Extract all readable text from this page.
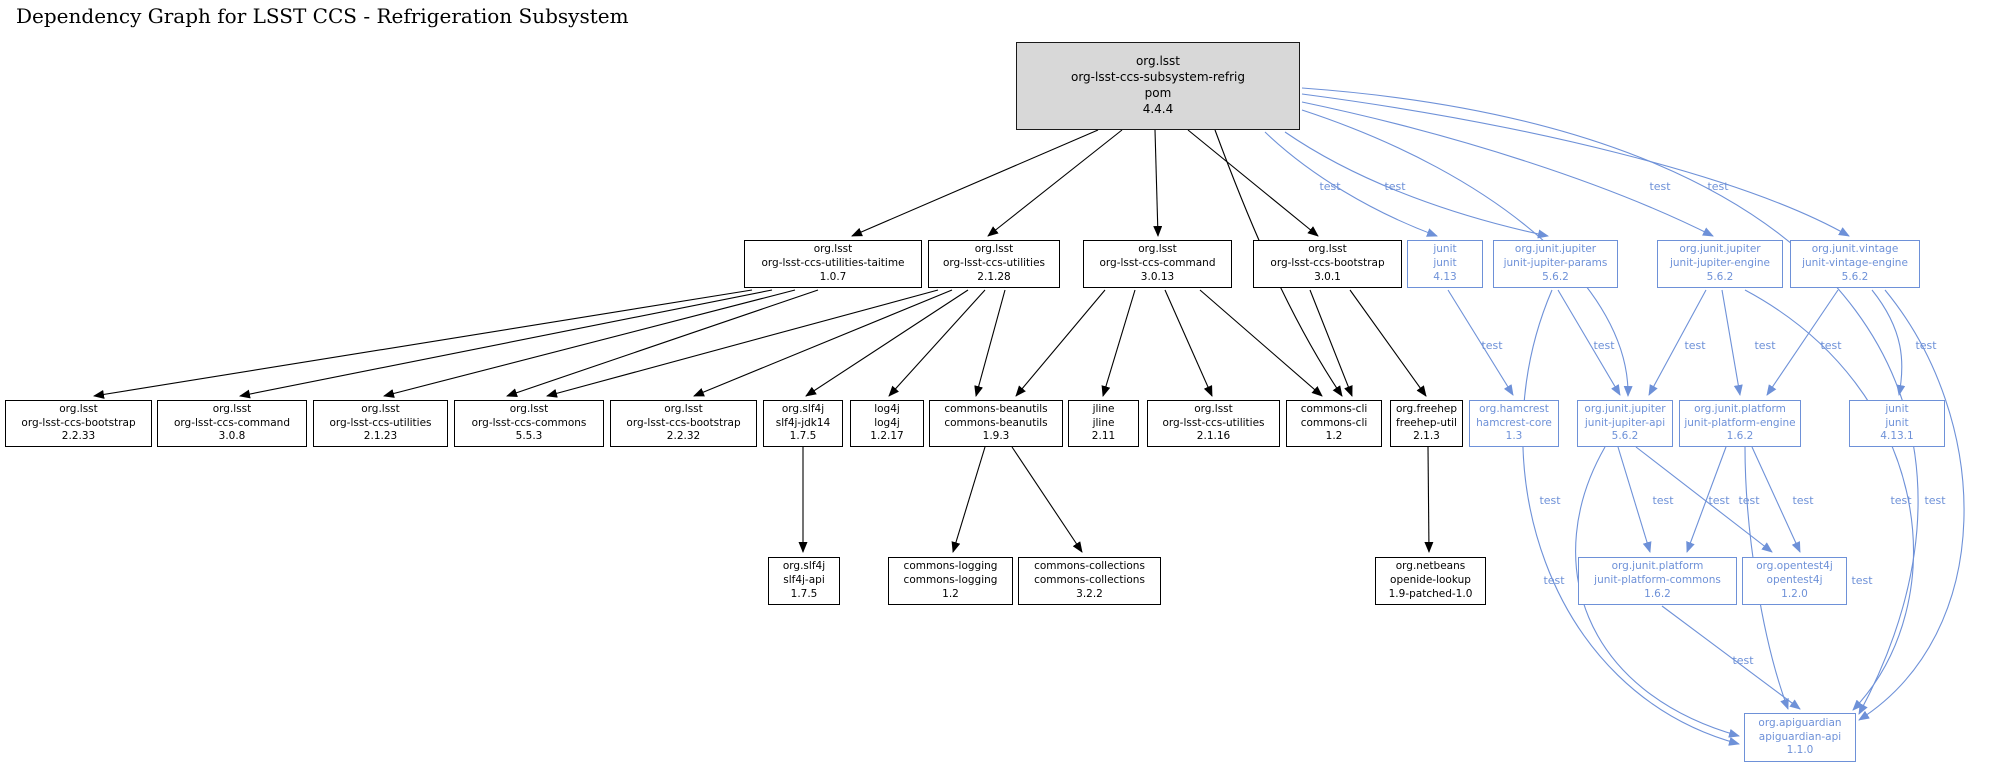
Dependency Graph for LSST CCS - Refrigeration Subsystem
test	test	test	test
test	test	test	test	test	test
test	test	test test	test	test test
test	test
test
org.lsst
org-lsst-ccs-subsystem-refrig
pom
4.4.4
org.lsst
org-lsst-ccs-utilities-taitime
1.0.7
org.lsst
org-lsst-ccs-utilities
2.1.28
org.lsst
org-lsst-ccs-command
3.0.13
org.lsst
org-lsst-ccs-bootstrap
3.0.1
junit
junit
4.13
org.junit.jupiter
junit-jupiter-params
5.6.2
org.junit.jupiter
junit-jupiter-engine
5.6.2
org.junit.vintage
junit-vintage-engine
5.6.2
org.lsst
org-lsst-ccs-bootstrap
2.2.33
org.lsst
org-lsst-ccs-command
3.0.8
org.lsst
org-lsst-ccs-utilities
2.1.23
org.lsst
org-lsst-ccs-commons
5.5.3
org.lsst
org-lsst-ccs-bootstrap
2.2.32
org.slf4j
slf4j-jdk14
1.7.5
log4j
log4j
1.2.17
commons-beanutils
commons-beanutils
1.9.3
jline
jline
2.11
org.lsst
org-lsst-ccs-utilities
2.1.16
commons-cli
commons-cli
1.2
org.freehep
freehep-util
2.1.3
org.hamcrest
hamcrest-core
1.3
org.junit.jupiter
junit-jupiter-api
5.6.2
org.junit.platform
junit-platform-engine
1.6.2
junit
junit
4.13.1
org.slf4j
slf4j-api
1.7.5
commons-logging
commons-logging
1.2
commons-collections
commons-collections
3.2.2
org.netbeans
openide-lookup
1.9-patched-1.0
org.junit.platform
junit-platform-commons
1.6.2
org.opentest4j
opentest4j
1.2.0
org.apiguardian
apiguardian-api
1.1.0
